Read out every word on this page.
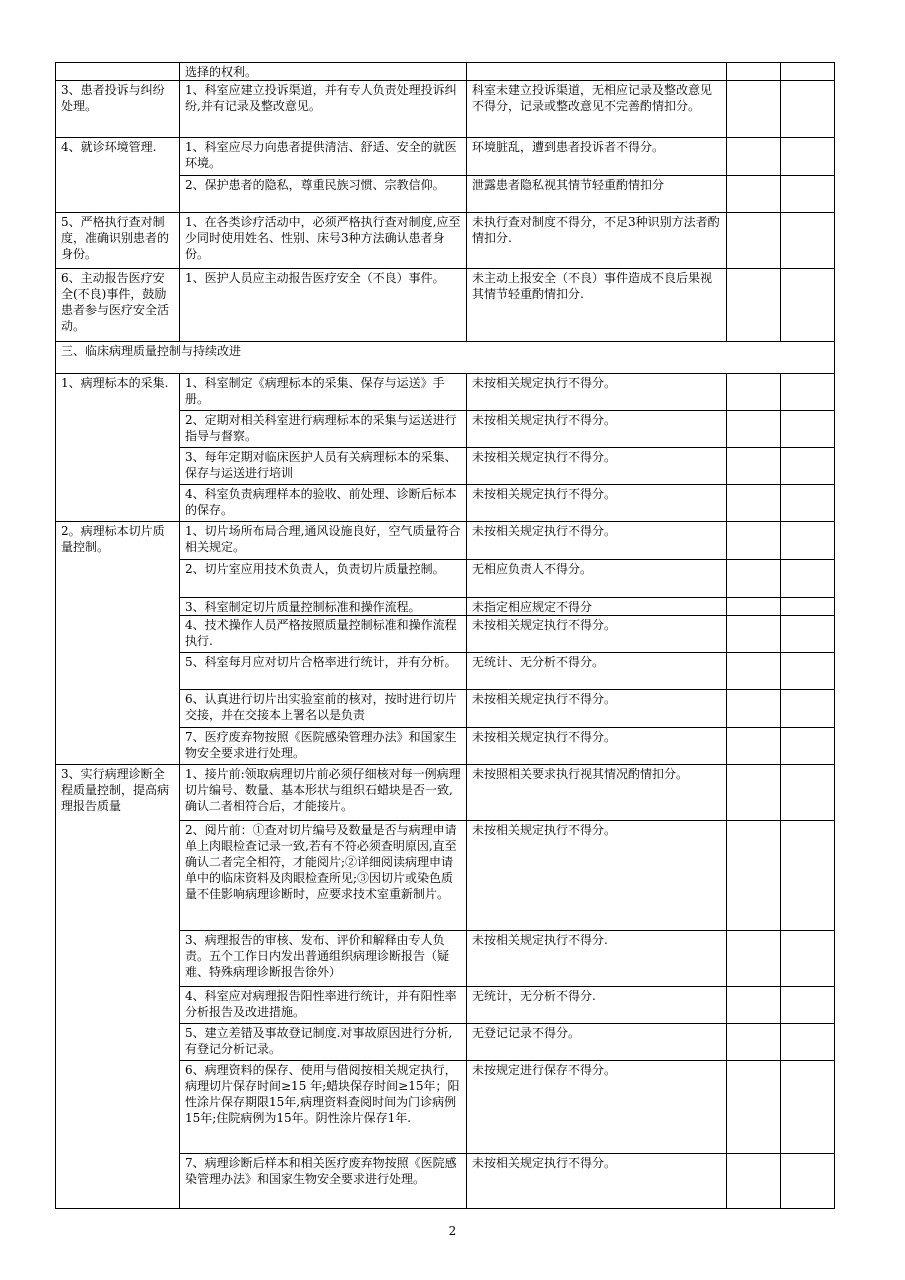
	选择的权利。			
3、患者投诉与纠纷处理。	1、科室应建立投诉渠道，并有专人负责处理投诉纠纷,并有记录及整改意见。	科室未建立投诉渠道，无相应记录及整改意见不得分，记录或整改意见不完善酌情扣分。		
4、就诊环境管理.	1、科室应尽力向患者提供清洁、舒适、安全的就医环境。	环境脏乱，遭到患者投诉者不得分。		
	2、保护患者的隐私，尊重民族习惯、宗教信仰。	泄露患者隐私视其情节轻重酌情扣分		
5、严格执行查对制度，准确识别患者的身份。	1、在各类诊疗活动中，必须严格执行查对制度,应至少同时使用姓名、性别、床号3种方法确认患者身份。	未执行查对制度不得分，不足3种识别方法者酌情扣分.		
6、主动报告医疗安全(不良)事件，鼓励患者参与医疗安全活动。	1、医护人员应主动报告医疗安全（不良）事件。	未主动上报安全（不良）事件造成不良后果视其情节轻重酌情扣分.		
三、临床病理质量控制与持续改进				
1、病理标本的采集.	1、科室制定《病理标本的采集、保存与运送》手册。	未按相关规定执行不得分。		
	2、定期对相关科室进行病理标本的采集与运送进行指导与督察。	未按相关规定执行不得分。		
	3、每年定期对临床医护人员有关病理标本的采集、保存与运送进行培训	未按相关规定执行不得分。		
	4、科室负责病理样本的验收、前处理、诊断后标本的保存。	未按相关规定执行不得分。		
2。病理标本切片质量控制。	1、切片场所布局合理,通风设施良好，空气质量符合相关规定。	未按相关规定执行不得分。		
	2、切片室应用技术负责人，负责切片质量控制。	无相应负责人不得分。		
	3、科室制定切片质量控制标准和操作流程。	未指定相应规定不得分		
	4、技术操作人员严格按照质量控制标准和操作流程执行.	未按相关规定执行不得分。		
	5、科室每月应对切片合格率进行统计，并有分析。	无统计、无分析不得分。		
	6、认真进行切片出实验室前的核对，按时进行切片交接，并在交接本上署名以是负责	未按相关规定执行不得分。		
	7、医疗废弃物按照《医院感染管理办法》和国家生物安全要求进行处理。	未按相关规定执行不得分。		
3、实行病理诊断全程质量控制，提高病理报告质量	1、接片前:领取病理切片前必须仔细核对每一例病理切片编号、数量、基本形状与组织石蜡块是否一致,确认二者相符合后，才能接片。	未按照相关要求执行视其情况酌情扣分。		
	2、阅片前：①查对切片编号及数量是否与病理申请单上肉眼检查记录一致,若有不符必须查明原因,直至确认二者完全相符，才能阅片;②详细阅读病理申请单中的临床资料及肉眼检查所见;③因切片或染色质量不佳影响病理诊断时，应要求技术室重新制片。	未按相关规定执行不得分。		
	3、病理报告的审核、发布、评价和解释由专人负责。五个工作日内发出普通组织病理诊断报告（疑难、特殊病理诊断报告徐外）	未按相关规定执行不得分.		
	4、科室应对病理报告阳性率进行统计，并有阳性率分析报告及改进措施。	无统计，无分析不得分.		
	5、建立差错及事故登记制度.对事故原因进行分析,有登记分析记录。	无登记记录不得分。		
	6、病理资料的保存、使用与借阅按相关规定执行，病理切片保存时间≥15 年;蜡块保存时间≥15年；阳性涂片保存期限15年,病理资料查阅时间为门诊病例15年;住院病例为15年。阴性涂片保存1年.	未按规定进行保存不得分。		
	7、病理诊断后样本和相关医疗废弃物按照《医院感染管理办法》和国家生物安全要求进行处理。	未按相关规定执行不得分。		
2
